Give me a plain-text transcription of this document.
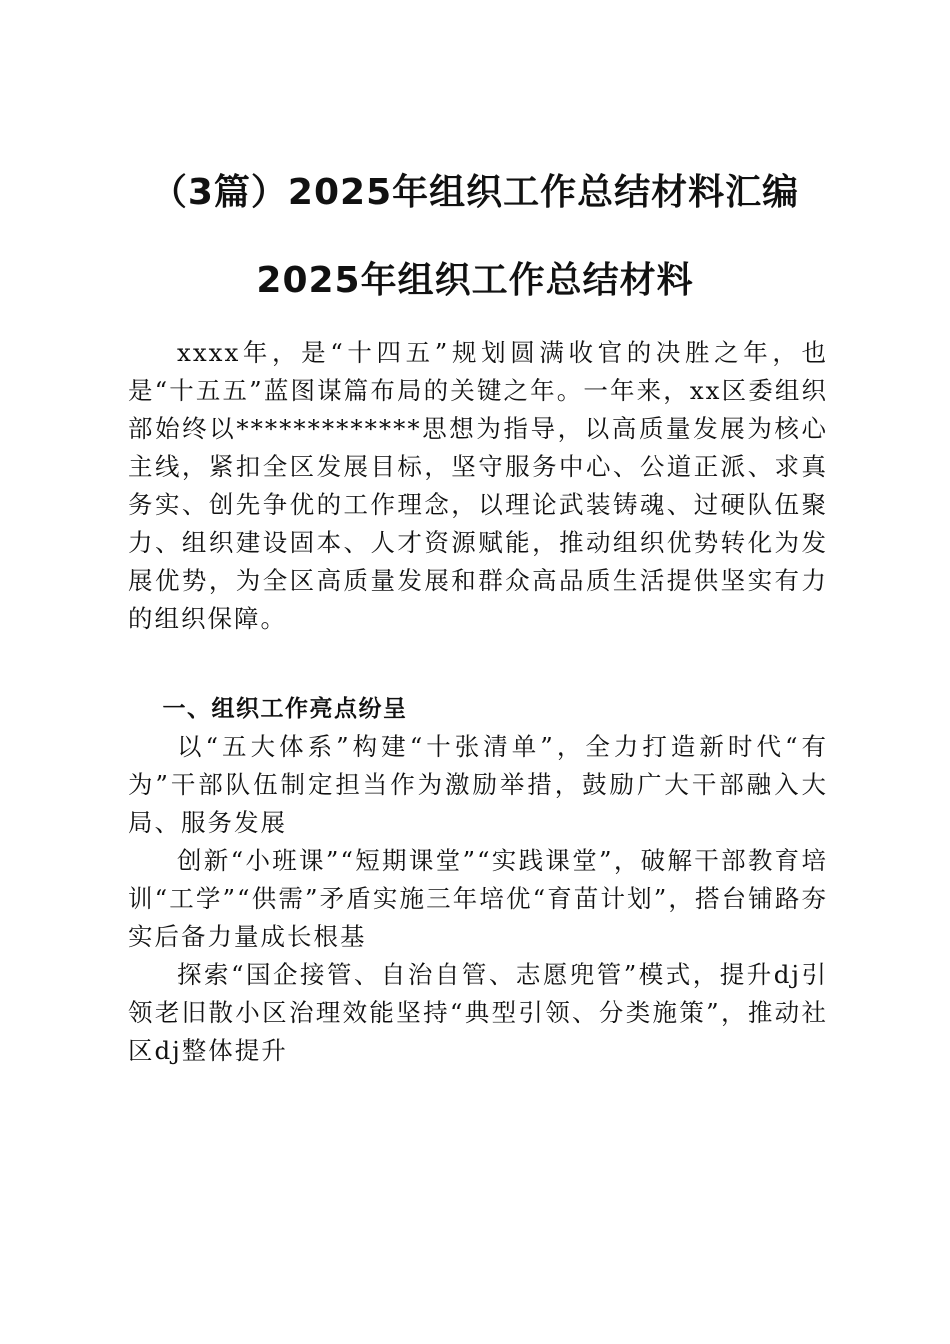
（3篇）2025年组织工作总结材料汇编
2025年组织工作总结材料

xxxx年，是“十四五”规划圆满收官的决胜之年，也是“十五五”蓝图谋篇布局的关键之年。一年来，xx区委组织部始终以*************思想为指导，以高质量发展为核心主线，紧扣全区发展目标，坚守服务中心、公道正派、求真务实、创先争优的工作理念，以理论武装铸魂、过硬队伍聚力、组织建设固本、人才资源赋能，推动组织优势转化为发展优势，为全区高质量发展和群众高品质生活提供坚实有力的组织保障。

一、组织工作亮点纷呈

以“五大体系”构建“十张清单”，全力打造新时代“有为”干部队伍制定担当作为激励举措，鼓励广大干部融入大局、服务发展

创新“小班课”“短期课堂”“实践课堂”，破解干部教育培训“工学”“供需”矛盾实施三年培优“育苗计划”，搭台铺路夯实后备力量成长根基

探索“国企接管、自治自管、志愿兜管”模式，提升dj引领老旧散小区治理效能坚持“典型引领、分类施策”，推动社区dj整体提升
